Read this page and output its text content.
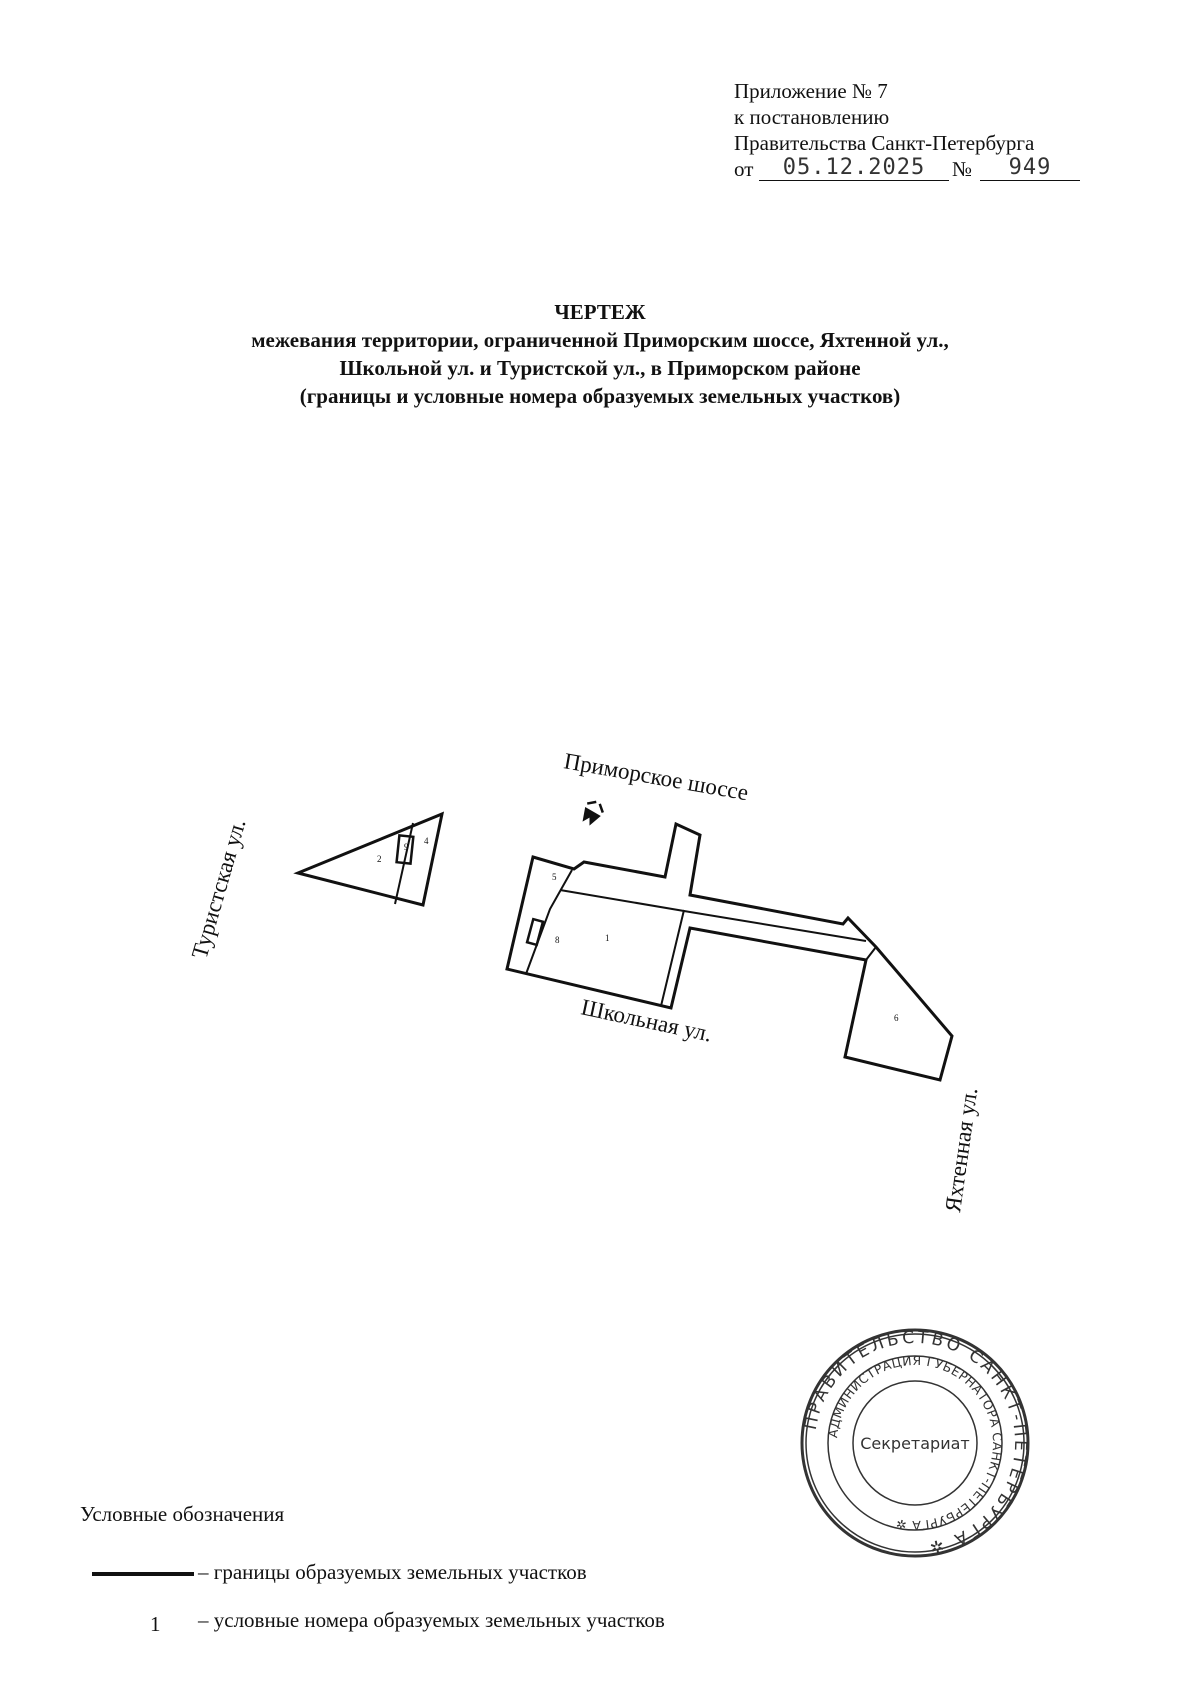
Приложение № 7
к постановлению
Правительства Санкт-Петербурга
от	05.12.2025	№	949
ЧЕРТЕЖ
межевания территории, ограниченной Приморским шоссе, Яхтенной ул.,
Школьной ул. и Туристской ул., в Приморском районе
(границы и условные номера образуемых земельных участков)
2
9
4
5
8	1
6
Приморское шоссе
Туристская ул.
Школьная ул.
Яхтенная ул.
ПРАВИТЕЛЬСТВО САНКТ-ПЕТЕРБУРГА ✲
АДМИНИСТРАЦИЯ ГУБЕРНАТОРА САНКТ-ПЕТЕРБУРГА ✲
Секретариат
Условные обозначения
– границы образуемых земельных участков
1 – условные номера образуемых земельных участков
